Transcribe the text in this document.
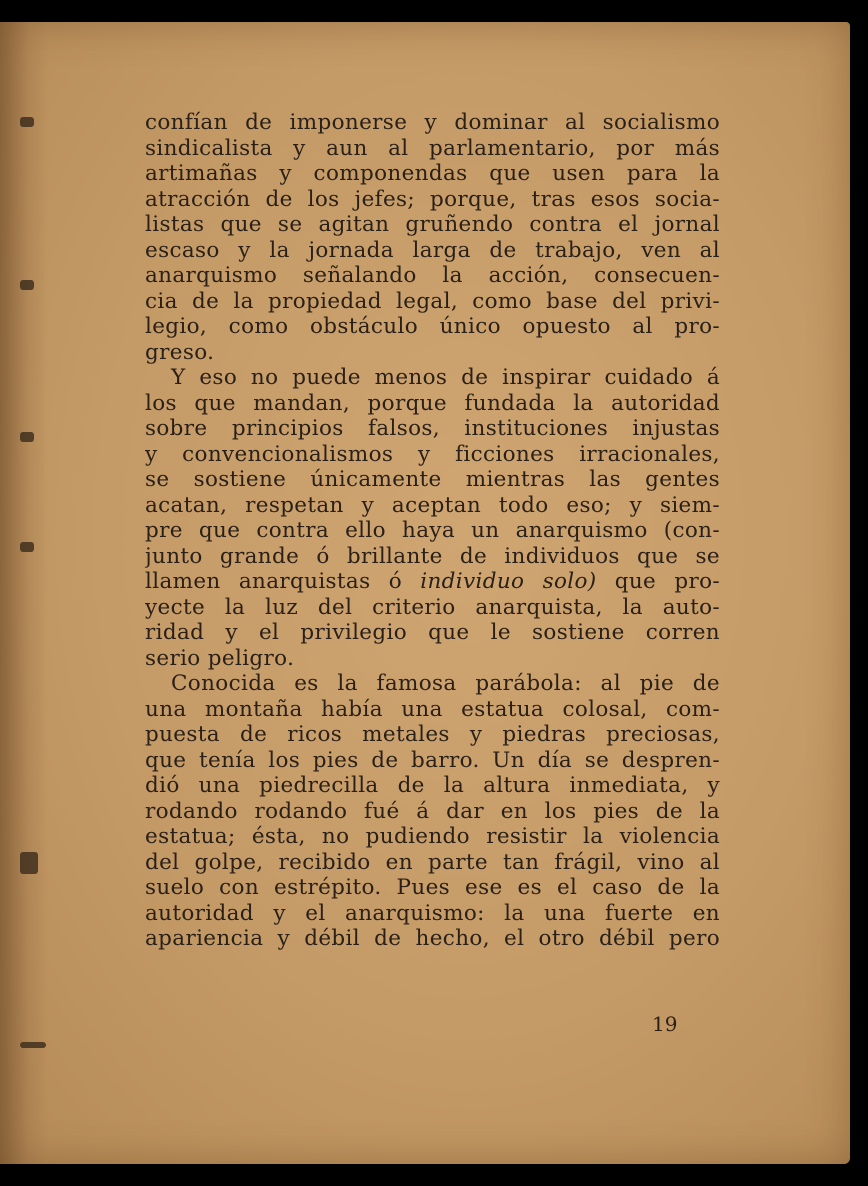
confían de imponerse y dominar al socialismo
sindicalista y aun al parlamentario, por más
artimañas y componendas que usen para la
atracción de los jefes; porque, tras esos socia-
listas que se agitan gruñendo contra el jornal
escaso y la jornada larga de trabajo, ven al
anarquismo señalando la acción, consecuen-
cia de la propiedad legal, como base del privi-
legio, como obstáculo único opuesto al pro-
greso.
Y eso no puede menos de inspirar cuidado á
los que mandan, porque fundada la autoridad
sobre principios falsos, instituciones injustas
y convencionalismos y ficciones irracionales,
se sostiene únicamente mientras las gentes
acatan, respetan y aceptan todo eso; y siem-
pre que contra ello haya un anarquismo (con-
junto grande ó brillante de individuos que se
llamen anarquistas ó individuo solo) que pro-
yecte la luz del criterio anarquista, la auto-
ridad y el privilegio que le sostiene corren
serio peligro.
Conocida es la famosa parábola: al pie de
una montaña había una estatua colosal, com-
puesta de ricos metales y piedras preciosas,
que tenía los pies de barro. Un día se despren-
dió una piedrecilla de la altura inmediata, y
rodando rodando fué á dar en los pies de la
estatua; ésta, no pudiendo resistir la violencia
del golpe, recibido en parte tan frágil, vino al
suelo con estrépito. Pues ese es el caso de la
autoridad y el anarquismo: la una fuerte en
apariencia y débil de hecho, el otro débil pero
19
